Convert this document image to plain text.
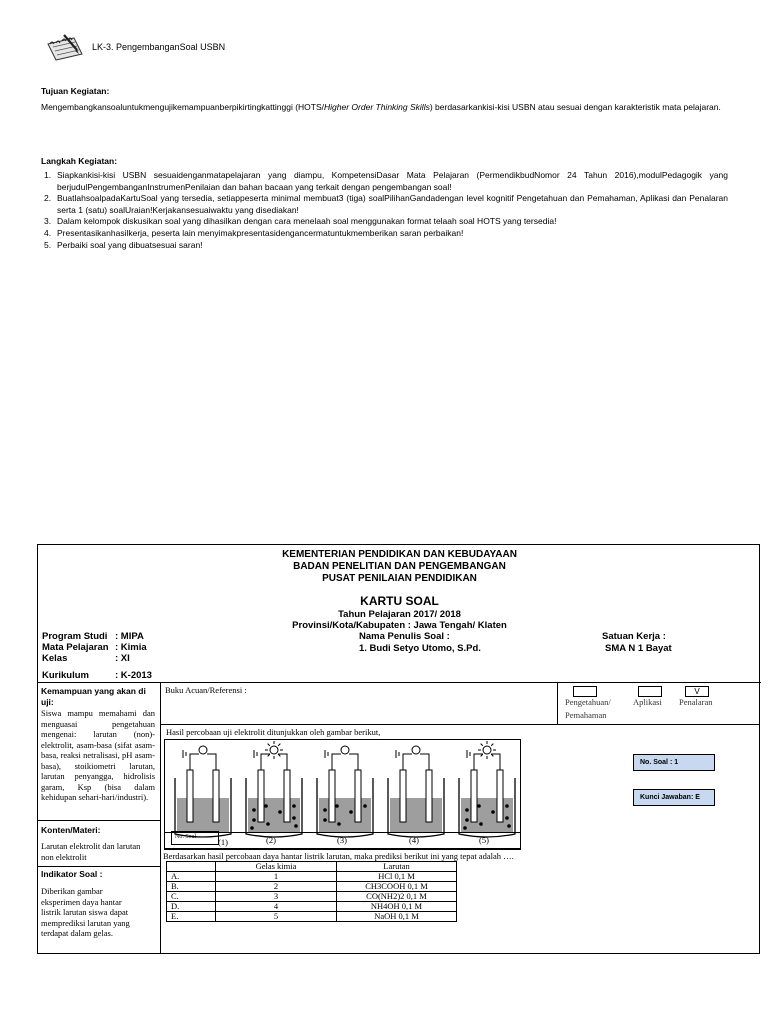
LK-3. PengembanganSoal USBN
Tujuan Kegiatan:
Mengembangkansoaluntukmengujikemampuanberpikirtingkattinggi (HOTS/Higher Order Thinking Skills) berdasarkankisi-kisi USBN atau sesuai dengan karakteristik mata pelajaran.
Langkah Kegiatan:
1. Siapkankisi-kisi USBN sesuaidenganmatapelajaran yang diampu, KompetensiDasar Mata Pelajaran (PermendikbudNomor 24 Tahun 2016),modulPedagogik yang berjudulPengembanganInstrumenPenilaian dan bahan bacaan yang terkait dengan pengembangan soal!
2. BuatlahsoalpadaKartuSoal yang tersedia, setiappeserta minimal membuat3 (tiga) soalPilihanGandadengan level kognitif Pengetahuan dan Pemahaman, Aplikasi dan Penalaran serta 1 (satu) soalUraian!Kerjakansesuaiwaktu yang disediakan!
3. Dalam kelompok diskusikan soal yang dihasilkan dengan cara menelaah soal menggunakan format telaah soal HOTS yang tersedia!
4. Presentasikanhasilkerja, peserta lain menyimakpresentasidengancermatuntukmemberikan saran perbaikan!
5. Perbaiki soal yang dibuatsesuai saran!
KEMENTERIAN PENDIDIKAN DAN KEBUDAYAAN
BADAN PENELITIAN DAN PENGEMBANGAN
PUSAT PENILAIAN PENDIDIKAN
KARTU SOAL
Tahun Pelajaran 2017/ 2018
Provinsi/Kota/Kabupaten : Jawa Tengah/ Klaten
Program Studi : MIPA
Mata Pelajaran : Kimia
Kelas	: XI
Kurikulum	: K-2013
Nama Penulis Soal :
1. Budi Setyo Utomo, S.Pd.
Satuan Kerja :
SMA N 1 Bayat
Kemampuan yang akan di uji:
Siswa mampu memahami dan menguasai pengetahuan mengenai: larutan (non)-elektrolit, asam-basa (sifat asam-basa, reaksi netralisasi, pH asam-basa), stoikiometri larutan, larutan penyangga, hidrolisis garam, Ksp (bisa dalam kehidupan sehari-hari/industri).
Konten/Materi:
Larutan elektrolit dan larutan non elektrolit
Indikator Soal :
Diberikan gambar eksperimen daya hantar listrik larutan siswa dapat memprediksi larutan yang terdapat dalam gelas.
Buku Acuan/Referensi :	V
Pengetahuan/ Pemahaman
Aplikasi Penalaran
Hasil percobaan uji elektrolit ditunjukkan oleh gambar berikut,
No. Soal	(1)	(2)	(3)	(4)	(5)
Berdasarkan hasil percobaan daya hantar listrik larutan, maka prediksi berikut ini yang tepat adalah ….
	Gelas kimia	Larutan
A.	1	HCl 0,1 M
B.	2	CH3COOH 0,1 M
C.	3	CO(NH2)2 0,1 M
D.	4	NH4OH 0,1 M
E.	5	NaOH 0,1 M
No. Soal : 1
Kunci Jawaban: E
